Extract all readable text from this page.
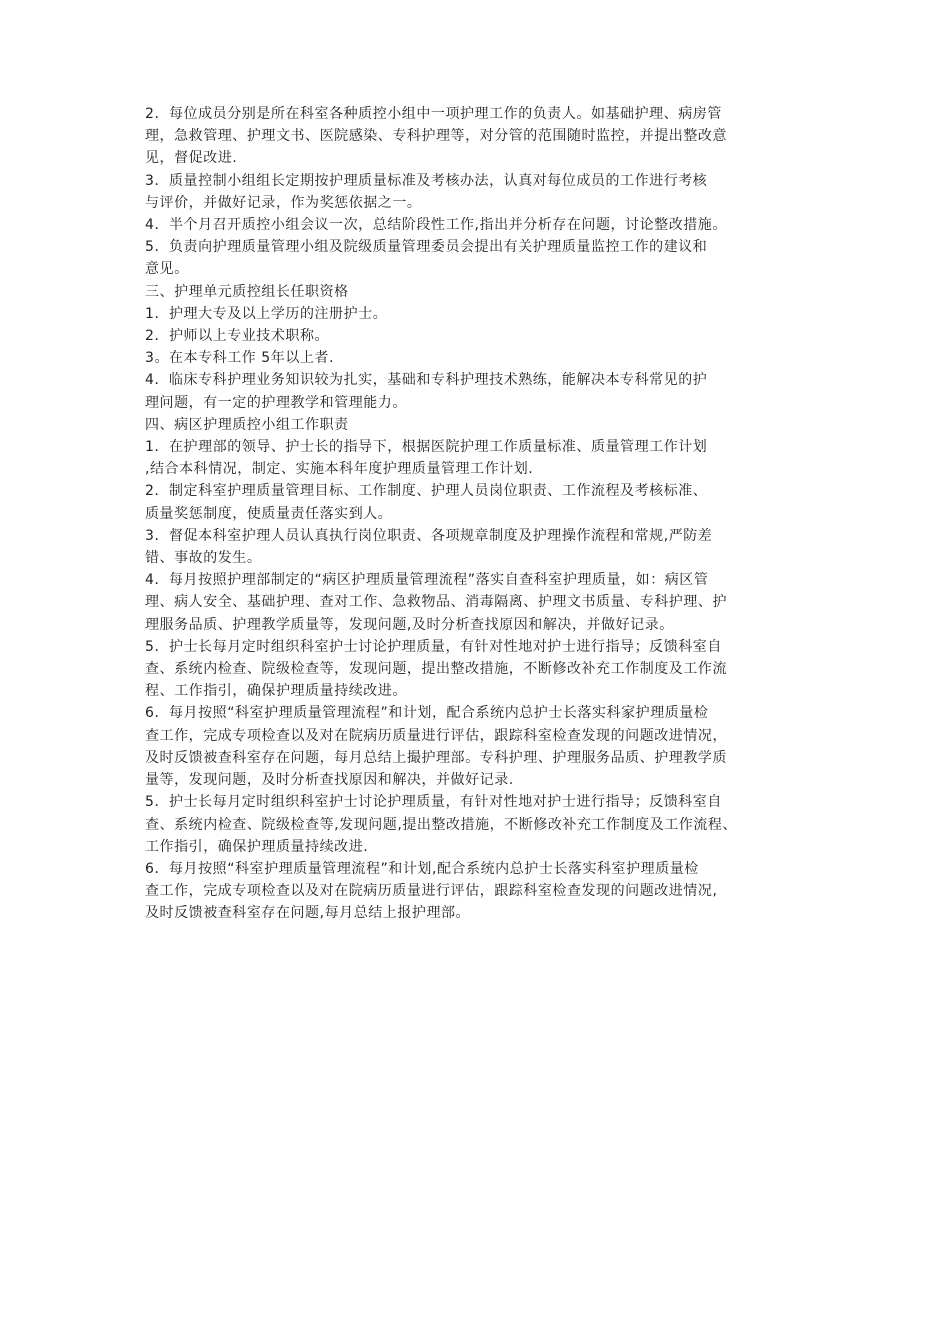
2．每位成员分别是所在科室各种质控小组中一项护理工作的负责人。如基础护理、病房管
理，急救管理、护理文书、医院感染、专科护理等，对分管的范围随时监控，并提出整改意
见，督促改进.
3．质量控制小组组长定期按护理质量标准及考核办法，认真对每位成员的工作进行考核
与评价，并做好记录，作为奖惩依据之一。
4．半个月召开质控小组会议一次，总结阶段性工作,指出并分析存在问题，讨论整改措施。
5．负责向护理质量管理小组及院级质量管理委员会提出有关护理质量监控工作的建议和
意见。
三、护理单元质控组长任职资格
1．护理大专及以上学历的注册护士。
2．护师以上专业技术职称。
3。在本专科工作 5年以上者.
4．临床专科护理业务知识较为扎实，基础和专科护理技术熟练，能解决本专科常见的护
理问题，有一定的护理教学和管理能力。
四、病区护理质控小组工作职责
1．在护理部的领导、护士长的指导下，根据医院护理工作质量标准、质量管理工作计划
,结合本科情况，制定、实施本科年度护理质量管理工作计划.
2．制定科室护理质量管理目标、工作制度、护理人员岗位职责、工作流程及考核标准、
质量奖惩制度，使质量责任落实到人。
3．督促本科室护理人员认真执行岗位职责、各项规章制度及护理操作流程和常规,严防差
错、事故的发生。
4．每月按照护理部制定的“病区护理质量管理流程”落实自查科室护理质量，如：病区管
理、病人安全、基础护理、查对工作、急救物品、消毒隔离、护理文书质量、专科护理、护
理服务品质、护理教学质量等，发现问题,及时分析查找原因和解决，并做好记录。
5．护士长每月定时组织科室护士讨论护理质量，有针对性地对护士进行指导；反馈科室自
查、系统内检查、院级检查等，发现问题，提出整改措施，不断修改补充工作制度及工作流
程、工作指引，确保护理质量持续改进。
6．每月按照“科室护理质量管理流程”和计划，配合系统内总护士长落实科家护理质量检
查工作，完成专项检查以及对在院病历质量进行评估，跟踪科室检查发现的问题改进情况，
及时反馈被查科室存在问题，每月总结上撮护理部。专科护理、护理服务品质、护理教学质
量等，发现问题，及时分析查找原因和解决，并做好记录.
5．护士长每月定时组织科室护士讨论护理质量，有针对性地对护士进行指导；反馈科室自
查、系统内检查、院级检查等,发现问题,提出整改措施，不断修改补充工作制度及工作流程、
工作指引，确保护理质量持续改进.
6．每月按照“科室护理质量管理流程”和计划,配合系统内总护士长落实科室护理质量检
查工作，完成专项检查以及对在院病历质量进行评估，跟踪科室检查发现的问题改进情况,
及时反馈被查科室存在问题,每月总结上报护理部。
